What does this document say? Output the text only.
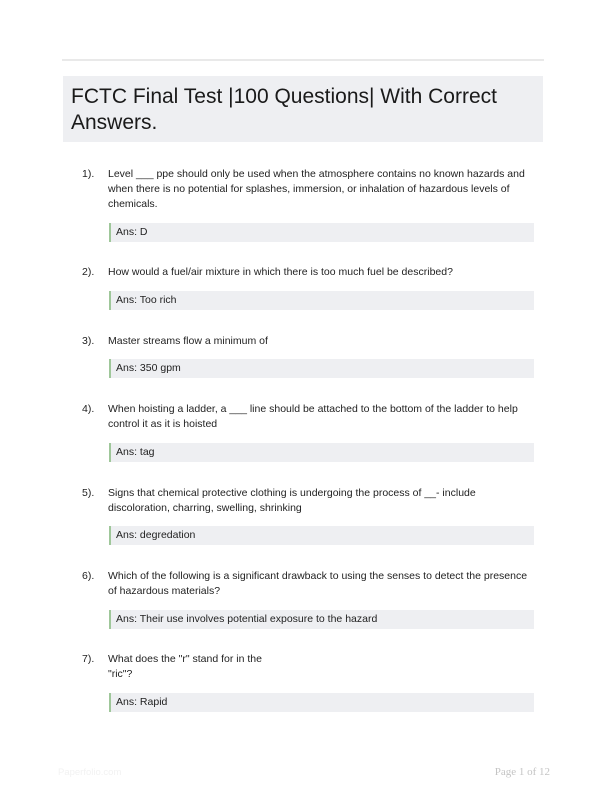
FCTC Final Test |100 Questions| With Correct Answers.
1). Level ___ ppe should only be used when the atmosphere contains no known hazards and when there is no potential for splashes, immersion, or inhalation of hazardous levels of chemicals.
Ans: D
2). How would a fuel/air mixture in which there is too much fuel be described?
Ans: Too rich
3). Master streams flow a minimum of
Ans: 350 gpm
4). When hoisting a ladder, a ___ line should be attached to the bottom of the ladder to help control it as it is hoisted
Ans: tag
5). Signs that chemical protective clothing is undergoing the process of __- include discoloration, charring, swelling, shrinking
Ans: degredation
6). Which of the following is a significant drawback to using the senses to detect the presence of hazardous materials?
Ans: Their use involves potential exposure to the hazard
7). What does the "r" stand for in the
"ric"?
Ans: Rapid
Paperfolio.com	Page 1 of 12
